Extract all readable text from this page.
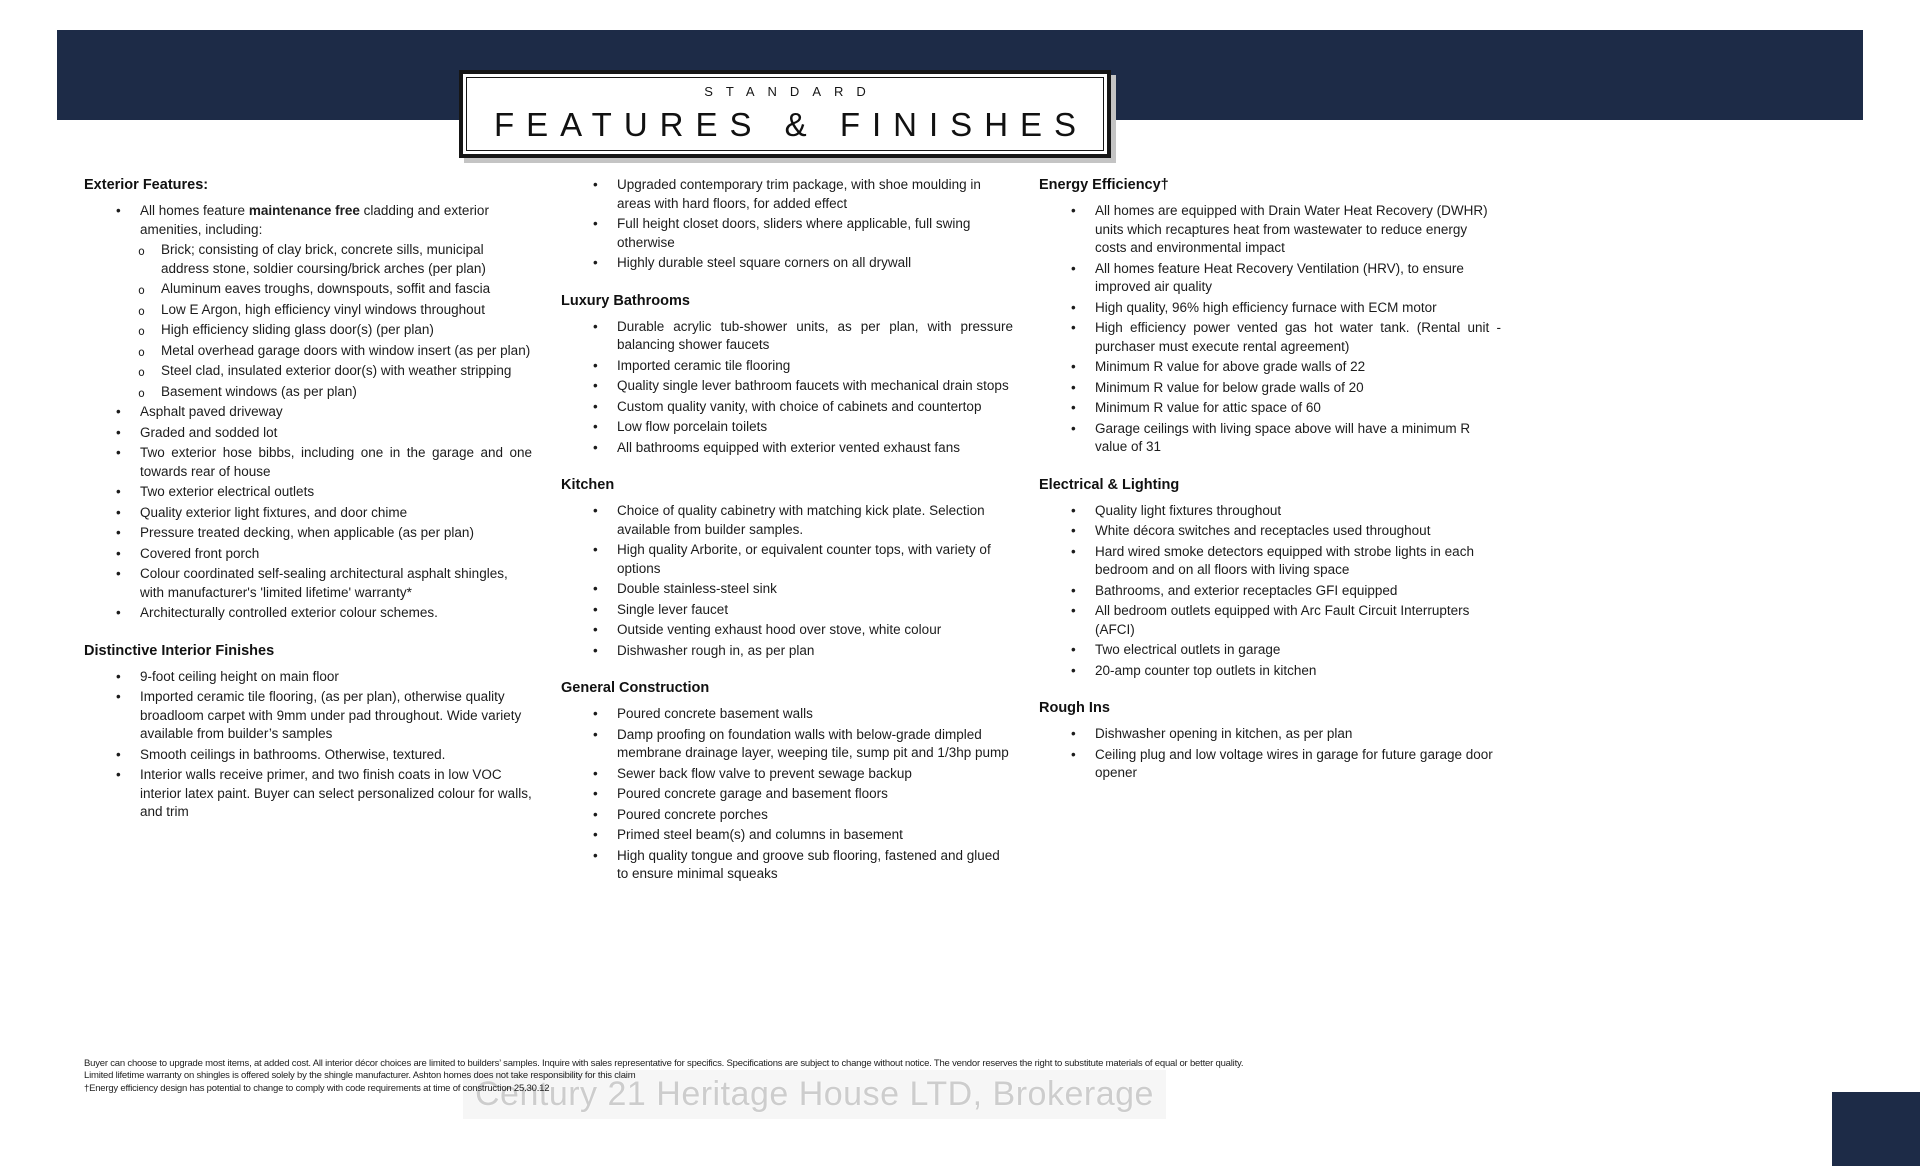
STANDARD
FEATURES & FINISHES
Exterior Features:
• All homes feature maintenance free cladding and exterior amenities, including:
o Brick; consisting of clay brick, concrete sills, municipal address stone, soldier coursing/brick arches (per plan)
o Aluminum eaves troughs, downspouts, soffit and fascia
o Low E Argon, high efficiency vinyl windows throughout
o High efficiency sliding glass door(s) (per plan)
o Metal overhead garage doors with window insert (as per plan)
o Steel clad, insulated exterior door(s) with weather stripping
o Basement windows (as per plan)
• Asphalt paved driveway
• Graded and sodded lot
• Two exterior hose bibbs, including one in the garage and one towards rear of house
• Two exterior electrical outlets
• Quality exterior light fixtures, and door chime
• Pressure treated decking, when applicable (as per plan)
• Covered front porch
• Colour coordinated self-sealing architectural asphalt shingles, with manufacturer's 'limited lifetime' warranty*
• Architecturally controlled exterior colour schemes.
Distinctive Interior Finishes
• 9-foot ceiling height on main floor
• Imported ceramic tile flooring, (as per plan), otherwise quality broadloom carpet with 9mm under pad throughout. Wide variety available from builder’s samples
• Smooth ceilings in bathrooms. Otherwise, textured.
• Interior walls receive primer, and two finish coats in low VOC interior latex paint. Buyer can select personalized colour for walls, and trim
• Upgraded contemporary trim package, with shoe moulding in areas with hard floors, for added effect
• Full height closet doors, sliders where applicable, full swing otherwise
• Highly durable steel square corners on all drywall
Luxury Bathrooms
• Durable acrylic tub-shower units, as per plan, with pressure balancing shower faucets
• Imported ceramic tile flooring
• Quality single lever bathroom faucets with mechanical drain stops
• Custom quality vanity, with choice of cabinets and countertop
• Low flow porcelain toilets
• All bathrooms equipped with exterior vented exhaust fans
Kitchen
• Choice of quality cabinetry with matching kick plate. Selection available from builder samples.
• High quality Arborite, or equivalent counter tops, with variety of options
• Double stainless-steel sink
• Single lever faucet
• Outside venting exhaust hood over stove, white colour
• Dishwasher rough in, as per plan
General Construction
• Poured concrete basement walls
• Damp proofing on foundation walls with below-grade dimpled membrane drainage layer, weeping tile, sump pit and 1/3hp pump
• Sewer back flow valve to prevent sewage backup
• Poured concrete garage and basement floors
• Poured concrete porches
• Primed steel beam(s) and columns in basement
• High quality tongue and groove sub flooring, fastened and glued to ensure minimal squeaks
Energy Efficiency†
• All homes are equipped with Drain Water Heat Recovery (DWHR) units which recaptures heat from wastewater to reduce energy costs and environmental impact
• All homes feature Heat Recovery Ventilation (HRV), to ensure improved air quality
• High quality, 96% high efficiency furnace with ECM motor
• High efficiency power vented gas hot water tank. (Rental unit - purchaser must execute rental agreement)
• Minimum R value for above grade walls of 22
• Minimum R value for below grade walls of 20
• Minimum R value for attic space of 60
• Garage ceilings with living space above will have a minimum R value of 31
Electrical & Lighting
• Quality light fixtures throughout
• White décora switches and receptacles used throughout
• Hard wired smoke detectors equipped with strobe lights in each bedroom and on all floors with living space
• Bathrooms, and exterior receptacles GFI equipped
• All bedroom outlets equipped with Arc Fault Circuit Interrupters (AFCI)
• Two electrical outlets in garage
• 20-amp counter top outlets in kitchen
Rough Ins
• Dishwasher opening in kitchen, as per plan
• Ceiling plug and low voltage wires in garage for future garage door opener
Century 21 Heritage House LTD, Brokerage
Buyer can choose to upgrade most items, at added cost. All interior décor choices are limited to builders’ samples. Inquire with sales representative for specifics. Specifications are subject to change without notice. The vendor reserves the right to substitute materials of equal or better quality.
Limited lifetime warranty on shingles is offered solely by the shingle manufacturer. Ashton homes does not take responsibility for this claim
†Energy efficiency design has potential to change to comply with code requirements at time of construction 25.30.12
